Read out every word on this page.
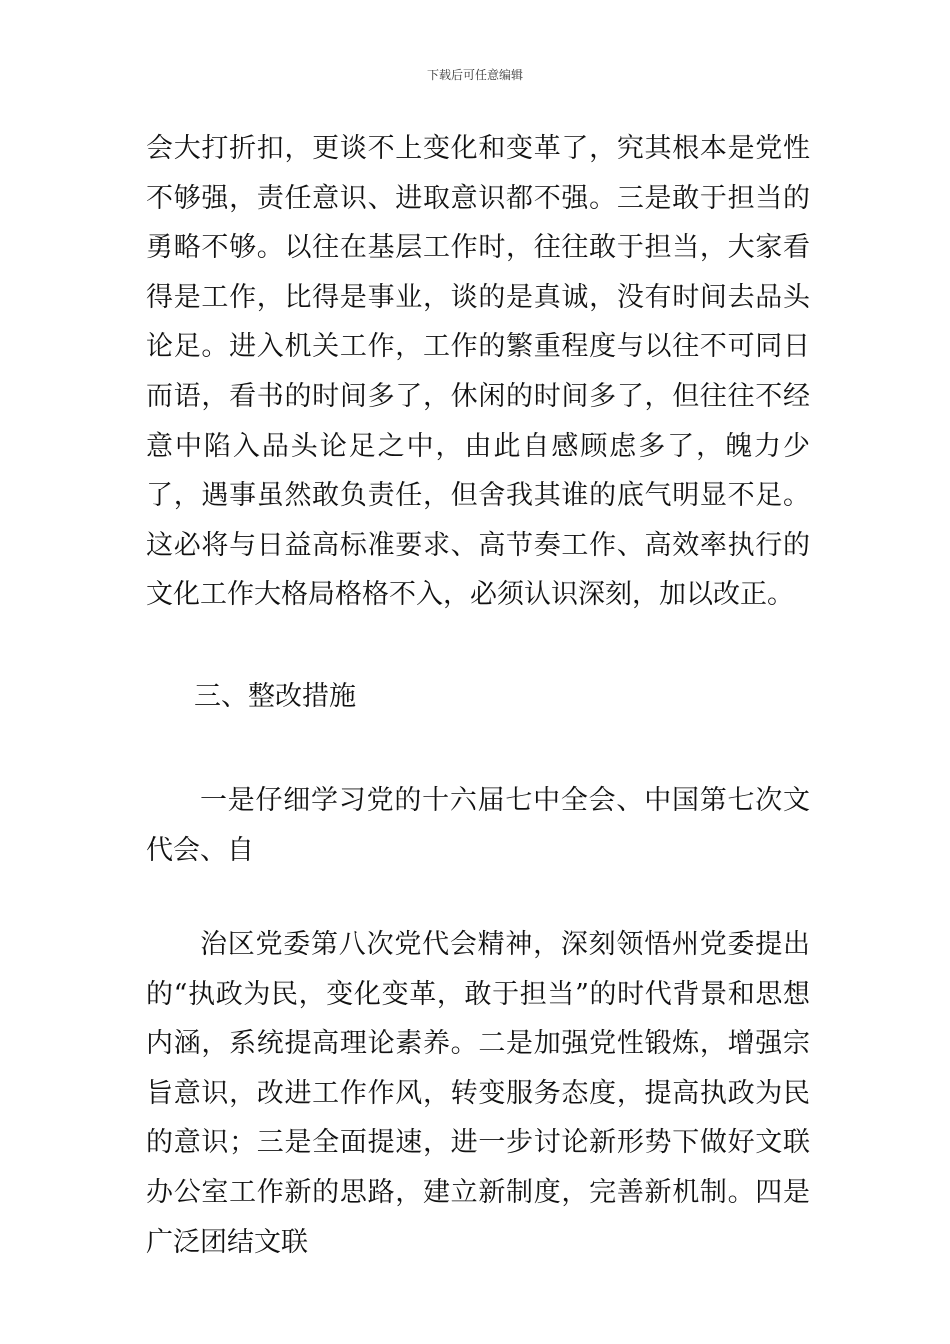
下载后可任意编辑

会大打折扣，更谈不上变化和变革了，究其根本是党性不够强，责任意识、进取意识都不强。三是敢于担当的勇略不够。以往在基层工作时，往往敢于担当，大家看得是工作，比得是事业，谈的是真诚，没有时间去品头论足。进入机关工作，工作的繁重程度与以往不可同日而语，看书的时间多了，休闲的时间多了，但往往不经意中陷入品头论足之中，由此自感顾虑多了，魄力少了，遇事虽然敢负责任，但舍我其谁的底气明显不足。这必将与日益高标准要求、高节奏工作、高效率执行的文化工作大格局格格不入，必须认识深刻，加以改正。

三、整改措施

一是仔细学习党的十六届七中全会、中国第七次文代会、自

治区党委第八次党代会精神，深刻领悟州党委提出的“执政为民，变化变革，敢于担当”的时代背景和思想内涵，系统提高理论素养。二是加强党性锻炼，增强宗旨意识，改进工作作风，转变服务态度，提高执政为民的意识；三是全面提速，进一步讨论新形势下做好文联办公室工作新的思路，建立新制度，完善新机制。四是广泛团结文联
